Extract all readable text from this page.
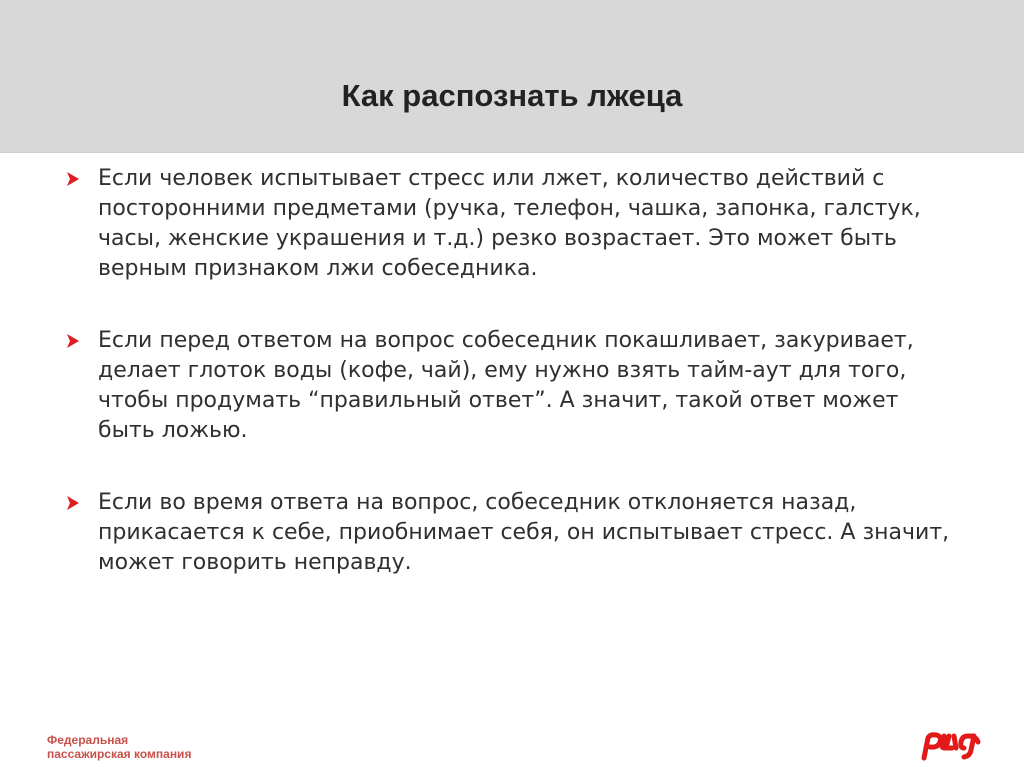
Как распознать лжеца
Если человек испытывает стресс или лжет, количество действий с посторонними предметами (ручка, телефон, чашка, запонка, галстук, часы, женские украшения и т.д.) резко возрастает. Это может быть верным признаком лжи собеседника.
Если перед ответом на вопрос собеседник покашливает, закуривает, делает глоток воды (кофе, чай), ему нужно взять тайм-аут для того, чтобы продумать “правильный ответ”. А значит, такой ответ может быть ложью.
Если во время ответа на вопрос, собеседник отклоняется назад, прикасается к себе, приобнимает себя, он испытывает стресс. А значит, может говорить неправду.
Федеральная
пассажирская компания
